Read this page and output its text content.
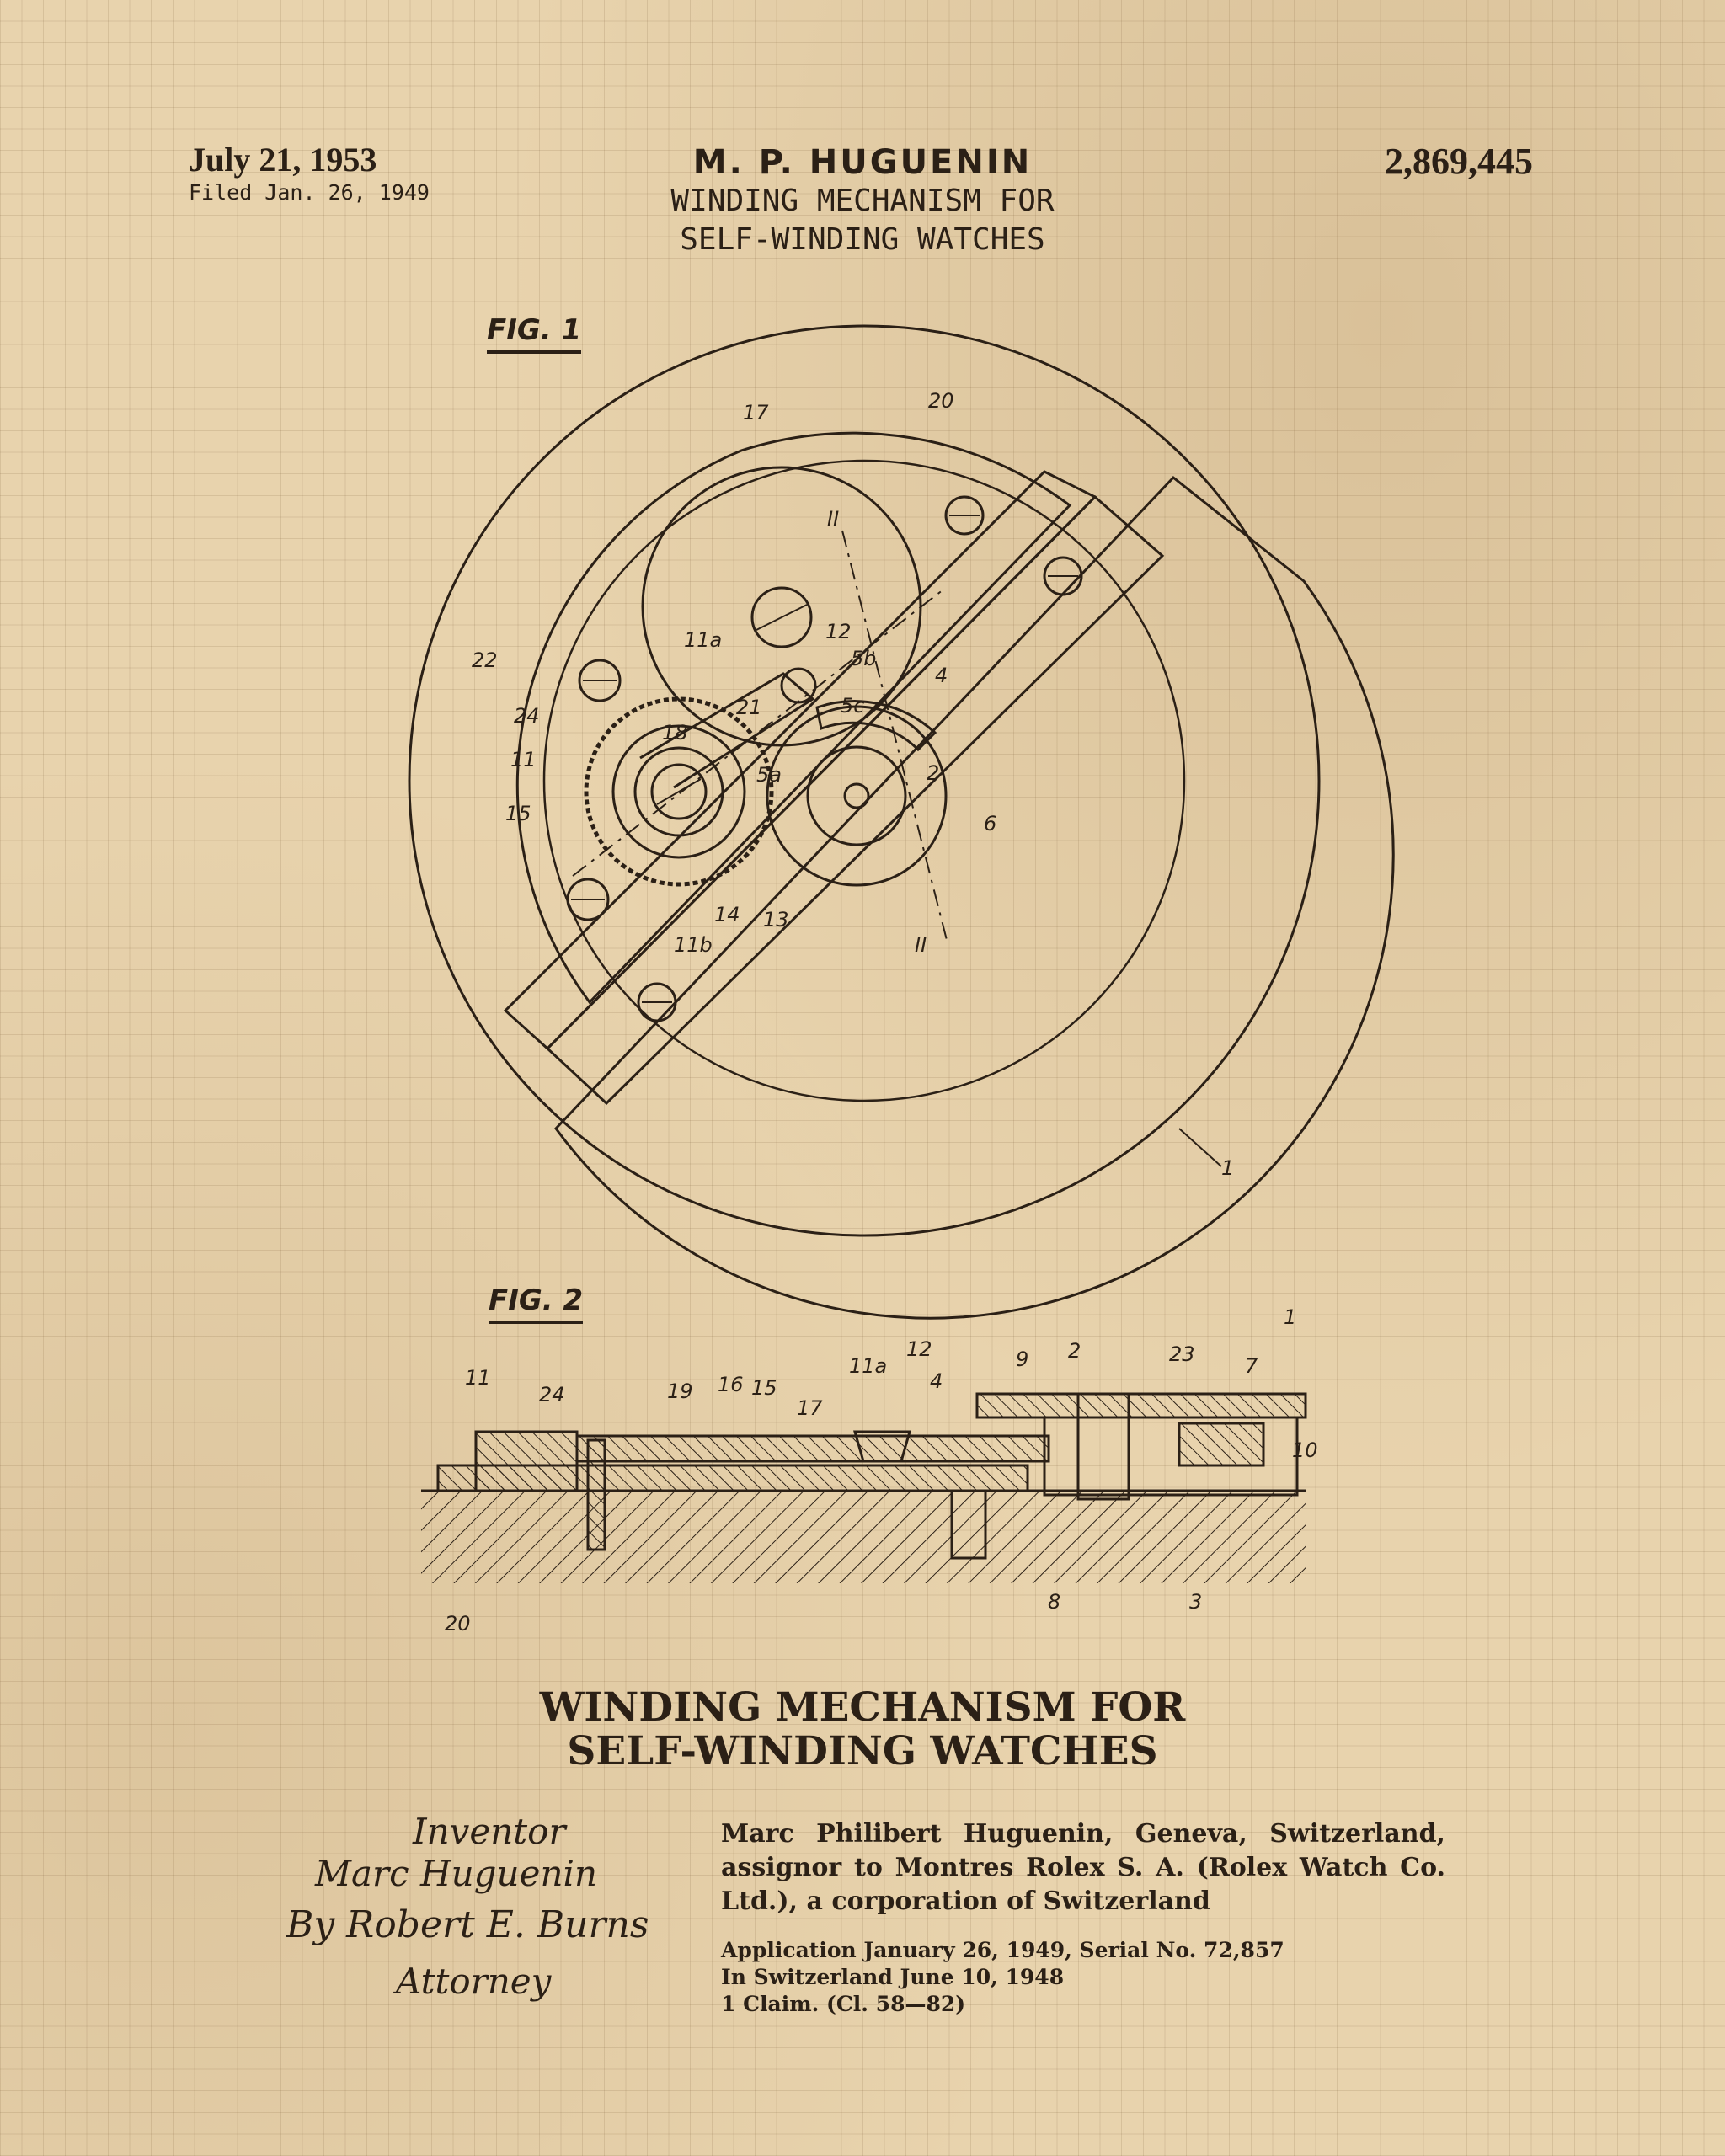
July 21, 1953
Filed Jan. 26, 1949
2,869,445
M. P. HUGUENIN
WINDING MECHANISM FOR
SELF-WINDING WATCHES
FIG. 1
FIG. 2
17	20
II
11a	12
5b
4
22
18
21	5c
24
11
2
5a
15	6
14 13
11b	II
1
11
24	19 16 15
17
11a
12
4
9 2	23 7
1
10
20
8	3
WINDING MECHANISM FOR
SELF-WINDING WATCHES
Inventor
Marc Huguenin
By Robert E. Burns
Attorney
Marc Philibert Huguenin, Geneva, Switzerland, assignor to Montres Rolex S. A. (Rolex Watch Co. Ltd.), a corporation of Switzerland
Application January 26, 1949, Serial No. 72,857
In Switzerland June 10, 1948
1 Claim. (Cl. 58—82)
